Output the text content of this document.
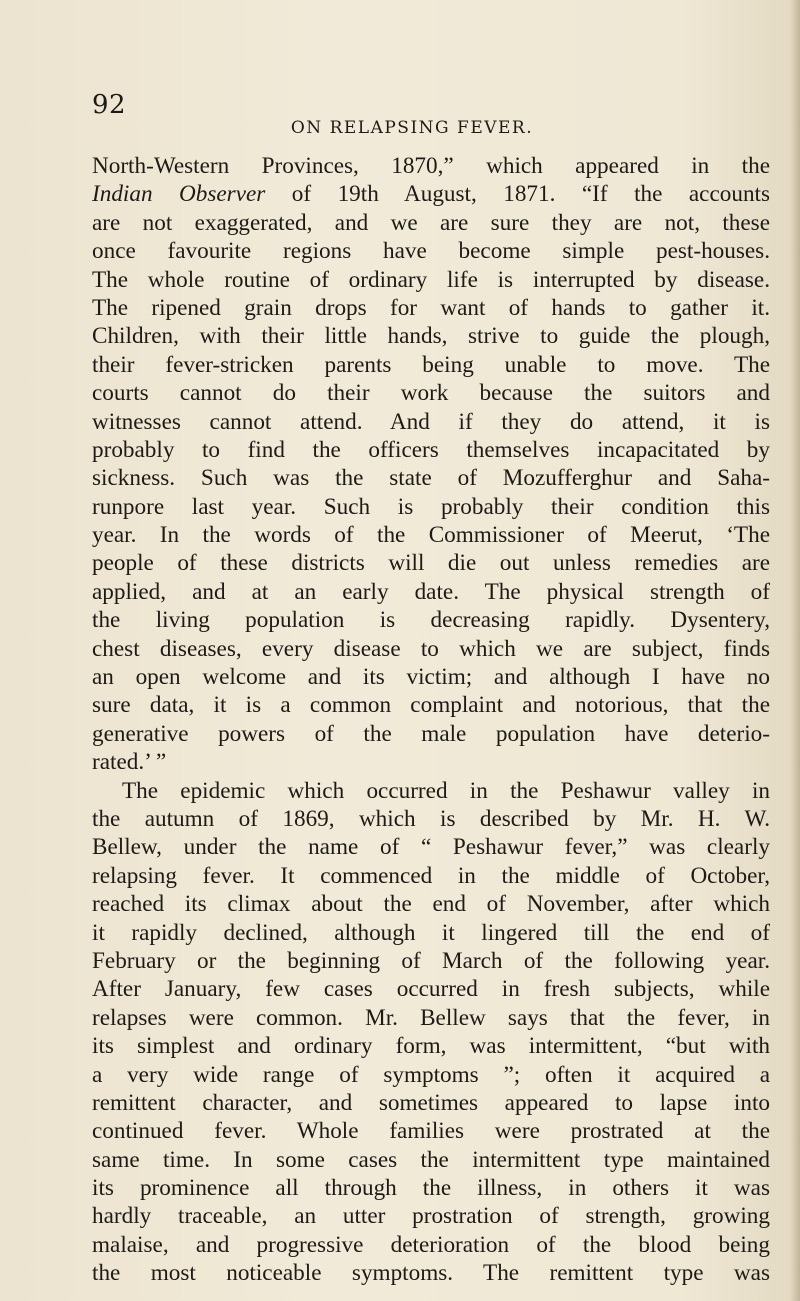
92
ON RELAPSING FEVER.
North-Western Provinces, 1870,” which appeared in the
Indian Observer of 19th August, 1871. “If the accounts
are not exaggerated, and we are sure they are not, these
once favourite regions have become simple pest-houses.
The whole routine of ordinary life is interrupted by disease.
The ripened grain drops for want of hands to gather it.
Children, with their little hands, strive to guide the plough,
their fever-stricken parents being unable to move. The
courts cannot do their work because the suitors and
witnesses cannot attend. And if they do attend, it is
probably to find the officers themselves incapacitated by
sickness. Such was the state of Mozufferghur and Saha-
runpore last year. Such is probably their condition this
year. In the words of the Commissioner of Meerut, ‘The
people of these districts will die out unless remedies are
applied, and at an early date. The physical strength of
the living population is decreasing rapidly. Dysentery,
chest diseases, every disease to which we are subject, finds
an open welcome and its victim; and although I have no
sure data, it is a common complaint and notorious, that the
generative powers of the male population have deterio-
rated.’ ”
The epidemic which occurred in the Peshawur valley in
the autumn of 1869, which is described by Mr. H. W.
Bellew, under the name of “ Peshawur fever,” was clearly
relapsing fever. It commenced in the middle of October,
reached its climax about the end of November, after which
it rapidly declined, although it lingered till the end of
February or the beginning of March of the following year.
After January, few cases occurred in fresh subjects, while
relapses were common. Mr. Bellew says that the fever, in
its simplest and ordinary form, was intermittent, “but with
a very wide range of symptoms ”; often it acquired a
remittent character, and sometimes appeared to lapse into
continued fever. Whole families were prostrated at the
same time. In some cases the intermittent type maintained
its prominence all through the illness, in others it was
hardly traceable, an utter prostration of strength, growing
malaise, and progressive deterioration of the blood being
the most noticeable symptoms. The remittent type was
